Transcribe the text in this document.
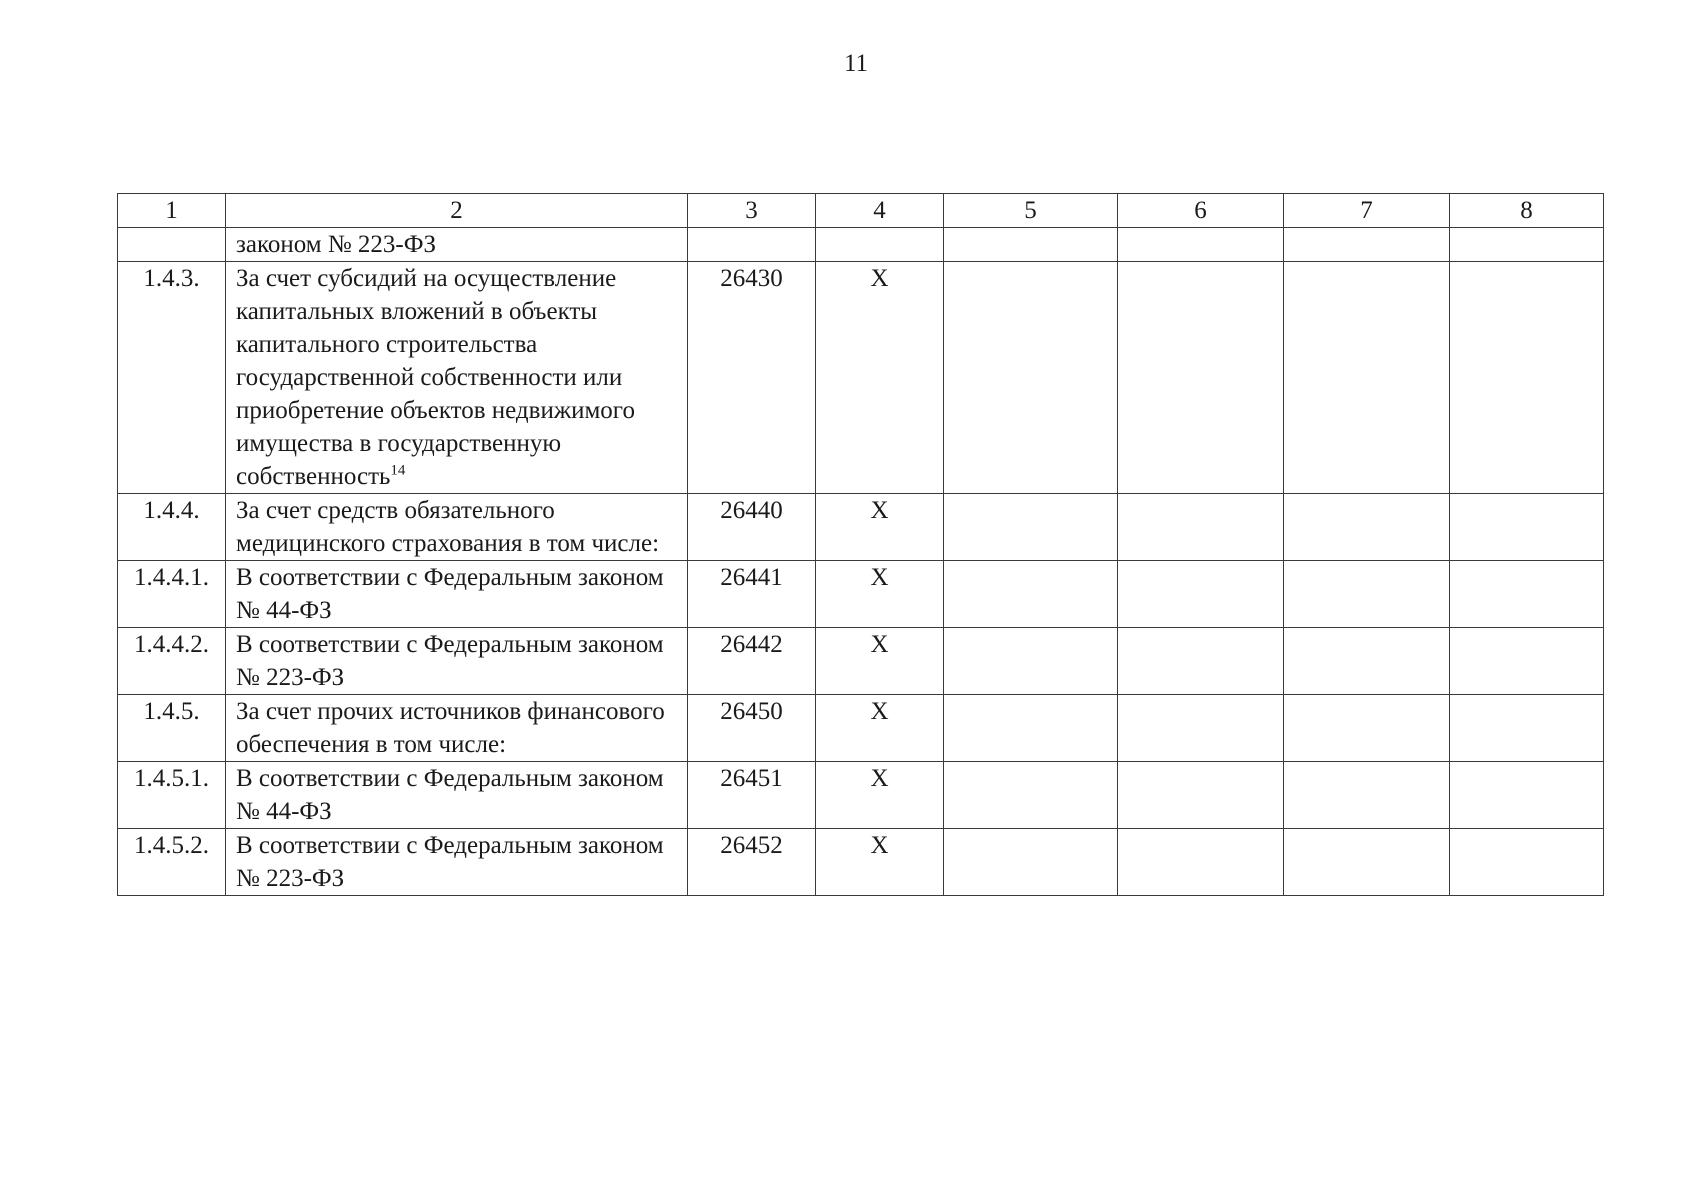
11
1	2	3	4	5	6	7	8
	законом № 223-ФЗ						
1.4.3.	За счет субсидий на осуществление капитальных вложений в объекты капитального строительства государственной собственности или приобретение объектов недвижимого имущества в государственную собственность$^{14}$	26430	X				
1.4.4.	За счет средств обязательного медицинского страхования в том числе:	26440	X				
1.4.4.1.	В соответствии с Федеральным законом № 44-ФЗ	26441	X				
1.4.4.2.	В соответствии с Федеральным законом № 223-ФЗ	26442	X				
1.4.5.	За счет прочих источников финансового обеспечения в том числе:	26450	X				
1.4.5.1.	В соответствии с Федеральным законом № 44-ФЗ	26451	X				
1.4.5.2.	В соответствии с Федеральным законом № 223-ФЗ	26452	X				
